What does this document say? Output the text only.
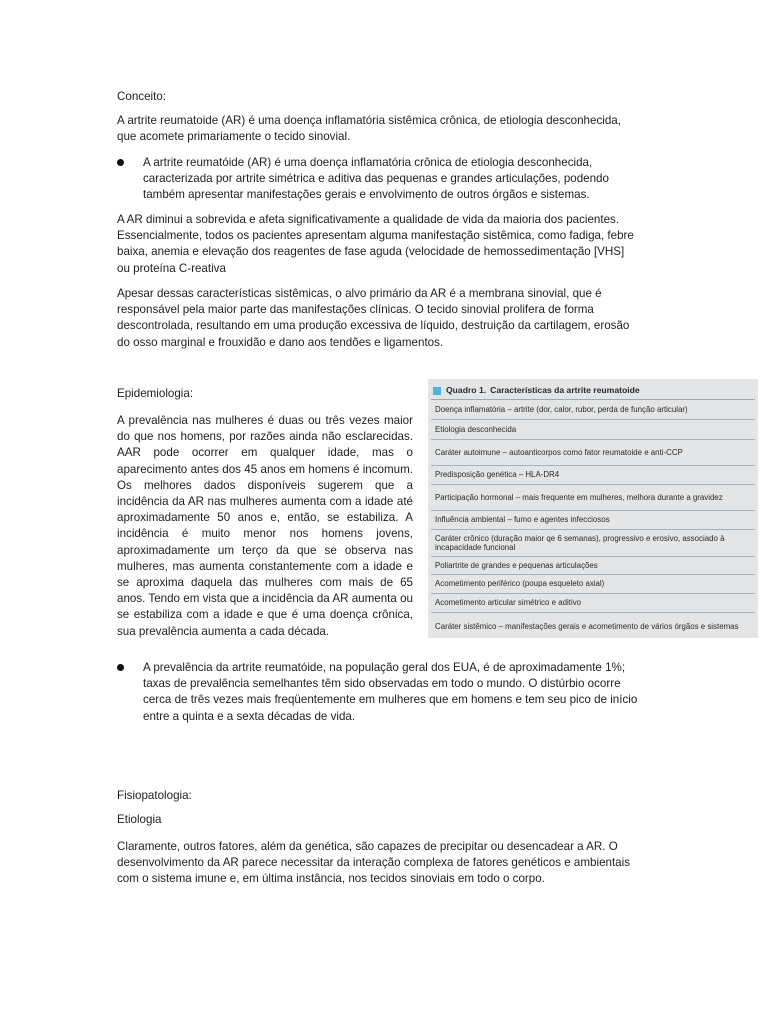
Conceito:

A artrite reumatoide (AR) é uma doença inflamatória sistêmica crônica, de etiologia desconhecida, que acomete primariamente o tecido sinovial.

A artrite reumatóide (AR) é uma doença inflamatória crônica de etiologia desconhecida, caracterizada por artrite simétrica e aditiva das pequenas e grandes articulações, podendo também apresentar manifestações gerais e envolvimento de outros órgãos e sistemas.

A AR diminui a sobrevida e afeta significativamente a qualidade de vida da maioria dos pacientes. Essencialmente, todos os pacientes apresentam alguma manifestação sistêmica, como fadiga, febre baixa, anemia e elevação dos reagentes de fase aguda (velocidade de hemossedimentação [VHS] ou proteína C-reativa

Apesar dessas características sistêmicas, o alvo primário da AR é a membrana sinovial, que é responsável pela maior parte das manifestações clínicas. O tecido sinovial prolifera de forma descontrolada, resultando em uma produção excessiva de líquido, destruição da cartilagem, erosão do osso marginal e frouxidão e dano aos tendões e ligamentos.

Epidemiologia:

A prevalência nas mulheres é duas ou três vezes maior do que nos homens, por razões ainda não esclarecidas. AAR pode ocorrer em qualquer idade, mas o aparecimento antes dos 45 anos em homens é incomum. Os melhores dados disponíveis sugerem que a incidência da AR nas mulheres aumenta com a idade até aproximadamente 50 anos e, então, se estabiliza. A incidência é muito menor nos homens jovens, aproximadamente um terço da que se observa nas mulheres, mas aumenta constantemente com a idade e se aproxima daquela das mulheres com mais de 65 anos. Tendo em vista que a incidência da AR aumenta ou se estabiliza com a idade e que é uma doença crônica, sua prevalência aumenta a cada década.

Quadro 1. Características da artrite reumatoide
Doença inflamatória – artrite (dor, calor, rubor, perda de função articular)
Etiologia desconhecida
Caráter autoimune – autoanticorpos como fator reumatoide e anti-CCP
Predisposição genética – HLA-DR4
Participação hormonal – mais frequente em mulheres, melhora durante a gravidez
Influência ambiental – fumo e agentes infecciosos
Caráter crônico (duração maior qe 6 semanas), progressivo e erosivo, associado à incapacidade funcional
Poliartrite de grandes e pequenas articulações
Acometimento periférico (poupa esqueleto axial)
Acometimento articular simétrico e aditivo
Caráter sistêmico – manifestações gerais e acometimento de vários órgãos e sistemas

A prevalência da artrite reumatóide, na população geral dos EUA, é de aproximadamente 1%; taxas de prevalência semelhantes têm sido observadas em todo o mundo. O distúrbio ocorre cerca de três vezes mais freqüentemente em mulheres que em homens e tem seu pico de início entre a quinta e a sexta décadas de vida.

Fisiopatologia:

Etiologia

Claramente, outros fatores, além da genética, são capazes de precipitar ou desencadear a AR. O desenvolvimento da AR parece necessitar da interação complexa de fatores genéticos e ambientais com o sistema imune e, em última instância, nos tecidos sinoviais em todo o corpo.
